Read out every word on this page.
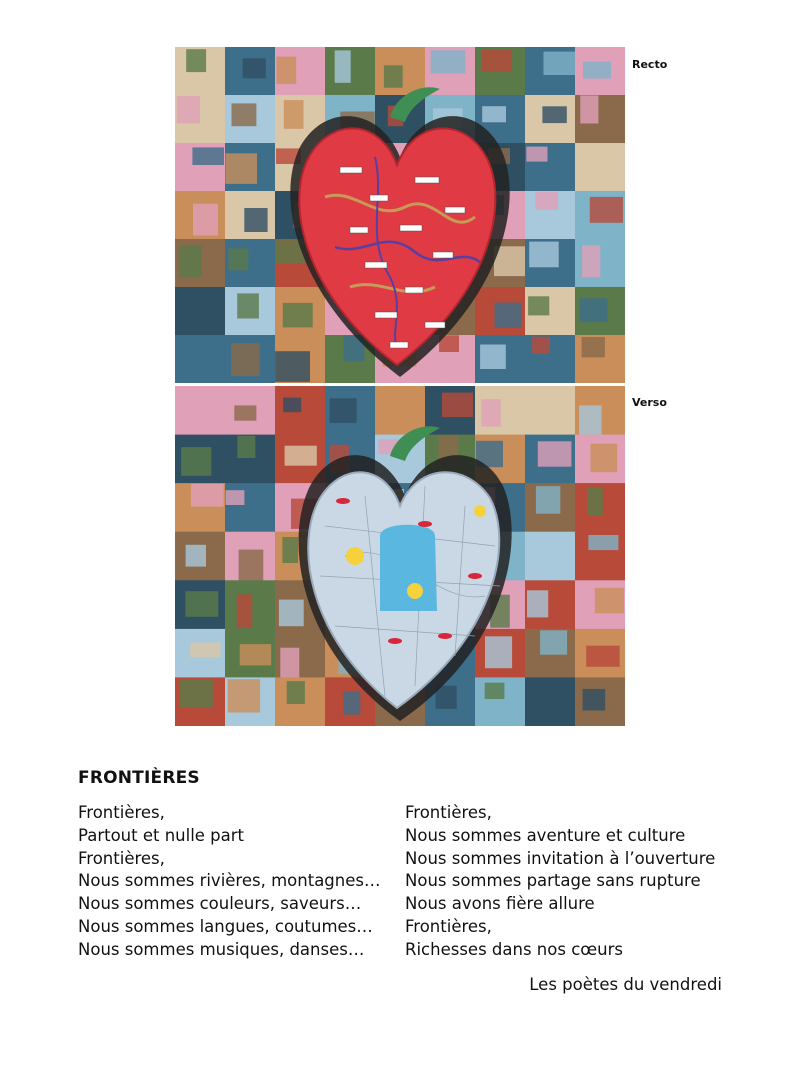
Recto
Verso
FRONTIÈRES
Frontières,
Partout et nulle part
Frontières,
Nous sommes rivières, montagnes…
Nous sommes couleurs, saveurs…
Nous sommes langues, coutumes…
Nous sommes musiques, danses…
Frontières,
Nous sommes aventure et culture
Nous sommes invitation à l’ouverture
Nous sommes partage sans rupture
Nous avons fière allure
Frontières,
Richesses dans nos cœurs
Les poètes du vendredi
